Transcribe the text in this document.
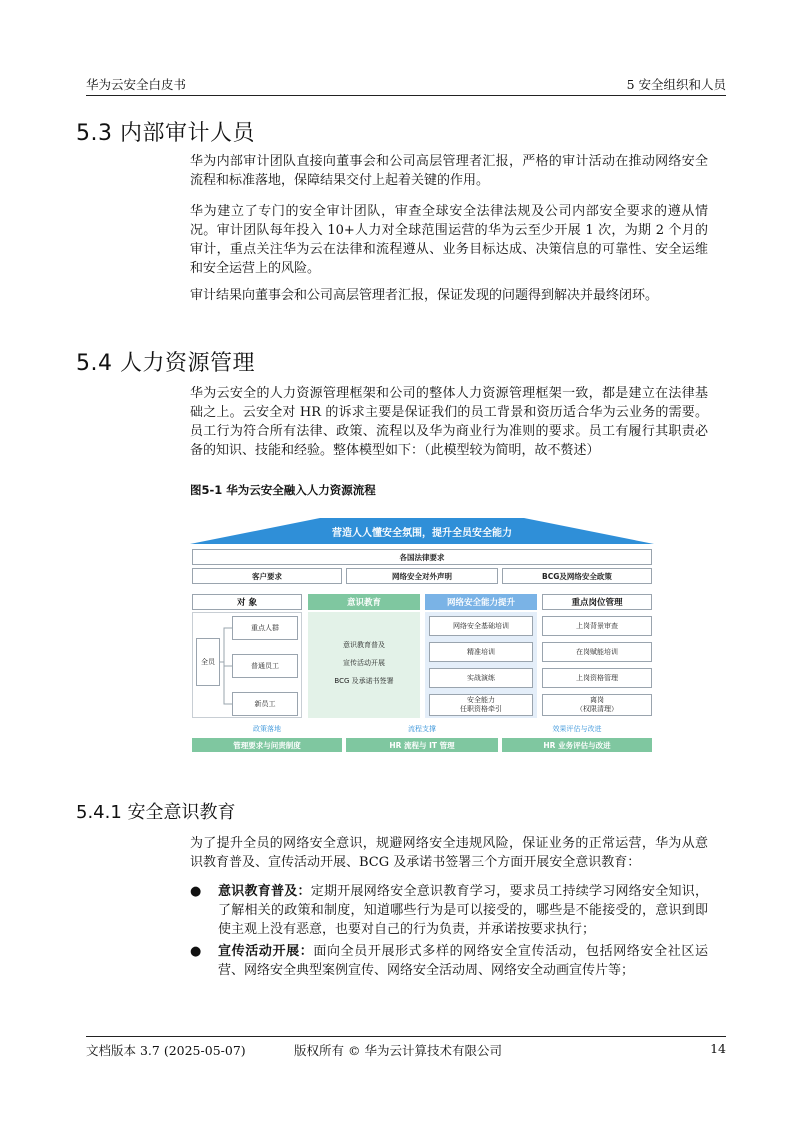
华为云安全白皮书	5 安全组织和人员
5.3 内部审计人员

华为内部审计团队直接向董事会和公司高层管理者汇报，严格的审计活动在推动网络安全流程和标准落地，保障结果交付上起着关键的作用。

华为建立了专门的安全审计团队，审查全球安全法律法规及公司内部安全要求的遵从情况。审计团队每年投入 10+人力对全球范围运营的华为云至少开展 1 次，为期 2 个月的审计，重点关注华为云在法律和流程遵从、业务目标达成、决策信息的可靠性、安全运维和安全运营上的风险。

审计结果向董事会和公司高层管理者汇报，保证发现的问题得到解决并最终闭环。

5.4 人力资源管理

华为云安全的人力资源管理框架和公司的整体人力资源管理框架一致，都是建立在法律基础之上。云安全对 HR 的诉求主要是保证我们的员工背景和资历适合华为云业务的需要。员工行为符合所有法律、政策、流程以及华为商业行为准则的要求。员工有履行其职责必备的知识、技能和经验。整体模型如下：（此模型较为简明，故不赘述）

图5-1 华为云安全融入人力资源流程
营造人人懂安全氛围，提升全员安全能力
各国法律要求
客户要求	网络安全对外声明	BCG及网络安全政策
对 象	意识教育	网络安全能力提升	重点岗位管理
全员
重点人群
普通员工
新员工
意识教育普及
宣传活动开展
BCG 及承诺书签署
网络安全基础培训
精准培训
实战演练
安全能力
任职资格牵引
上岗背景审查
在岗赋能培训
上岗资格管理
离岗
（权限清理）
政策落地	流程支撑	效果评估与改进
管理要求与问责制度	HR 流程与 IT 管理	HR 业务评估与改进
5.4.1 安全意识教育

为了提升全员的网络安全意识，规避网络安全违规风险，保证业务的正常运营，华为从意识教育普及、宣传活动开展、BCG 及承诺书签署三个方面开展安全意识教育：

● 意识教育普及：定期开展网络安全意识教育学习，要求员工持续学习网络安全知识，了解相关的政策和制度，知道哪些行为是可以接受的，哪些是不能接受的，意识到即使主观上没有恶意，也要对自己的行为负责，并承诺按要求执行；
● 宣传活动开展：面向全员开展形式多样的网络安全宣传活动，包括网络安全社区运营、网络安全典型案例宣传、网络安全活动周、网络安全动画宣传片等；
文档版本 3.7 (2025-05-07)	版权所有 © 华为云计算技术有限公司	14
